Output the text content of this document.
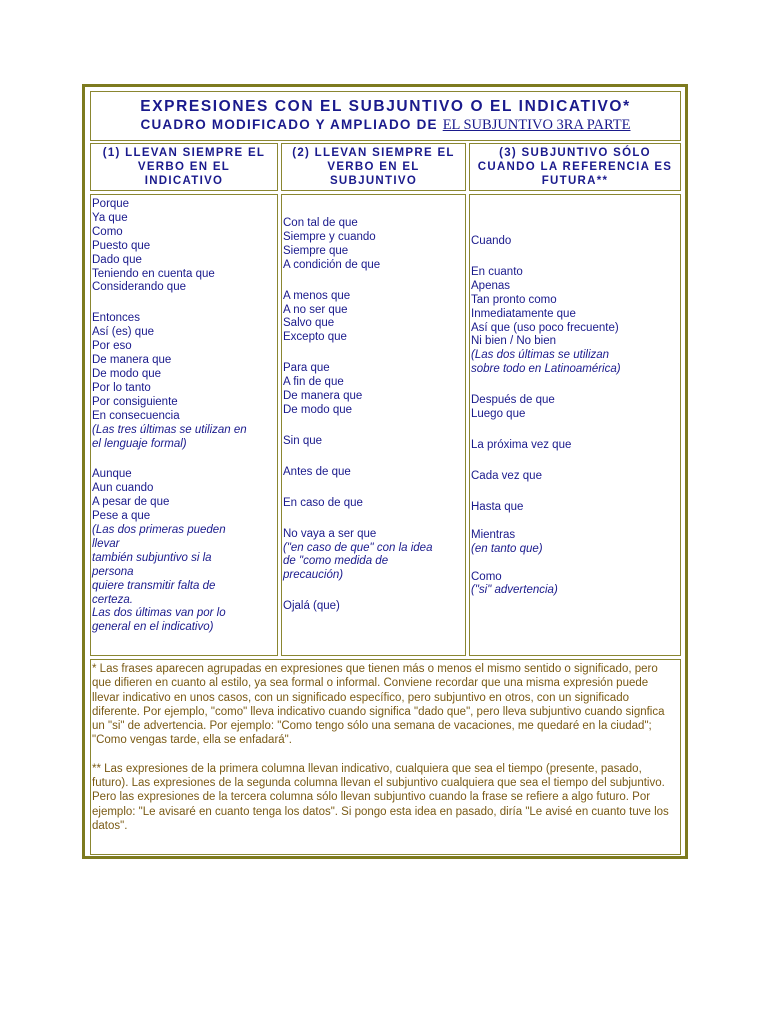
EXPRESIONES CON EL SUBJUNTIVO O EL INDICATIVO*
CUADRO MODIFICADO Y AMPLIADO DE EL SUBJUNTIVO 3RA PARTE
(1) LLEVAN SIEMPRE EL
VERBO EN EL
INDICATIVO
(2) LLEVAN SIEMPRE EL
VERBO EN EL
SUBJUNTIVO
(3) SUBJUNTIVO SÓLO
CUANDO LA REFERENCIA ES
FUTURA**
Porque
Ya que
Como
Puesto que
Dado que
Teniendo en cuenta que
Considerando que
Entonces
Así (es) que
Por eso
De manera que
De modo que
Por lo tanto
Por consiguiente
En consecuencia
(Las tres últimas se utilizan en
el lenguaje formal)
Aunque
Aun cuando
A pesar de que
Pese a que
(Las dos primeras pueden
llevar
también subjuntivo si la
persona
quiere transmitir falta de
certeza.
Las dos últimas van por lo
general en el indicativo)
Con tal de que
Siempre y cuando
Siempre que
A condición de que
A menos que
A no ser que
Salvo que
Excepto que
Para que
A fin de que
De manera que
De modo que
Sin que
Antes de que
En caso de que
No vaya a ser que
("en caso de que" con la idea
de "como medida de
precaución)
Ojalá (que)
Cuando
En cuanto
Apenas
Tan pronto como
Inmediatamente que
Así que (uso poco frecuente)
Ni bien / No bien
(Las dos últimas se utilizan
sobre todo en Latinoamérica)
Después de que
Luego que
La próxima vez que
Cada vez que
Hasta que
Mientras
(en tanto que)
Como
("si" advertencia)

* Las frases aparecen agrupadas en expresiones que tienen más o menos el mismo sentido o significado, pero que difieren en cuanto al estilo, ya sea formal o informal. Conviene recordar que una misma expresión puede llevar indicativo en unos casos, con un significado específico, pero subjuntivo en otros, con un significado diferente. Por ejemplo, "como" lleva indicativo cuando significa "dado que", pero lleva subjuntivo cuando signfica un "si" de advertencia. Por ejemplo: "Como tengo sólo una semana de vacaciones, me quedaré en la ciudad"; "Como vengas tarde, ella se enfadará".

** Las expresiones de la primera columna llevan indicativo, cualquiera que sea el tiempo (presente, pasado, futuro). Las expresiones de la segunda columna llevan el subjuntivo cualquiera que sea el tiempo del subjuntivo. Pero las expresiones de la tercera columna sólo llevan subjuntivo cuando la frase se refiere a algo futuro. Por ejemplo: "Le avisaré en cuanto tenga los datos". Si pongo esta idea en pasado, diría "Le avisé en cuanto tuve los datos".
